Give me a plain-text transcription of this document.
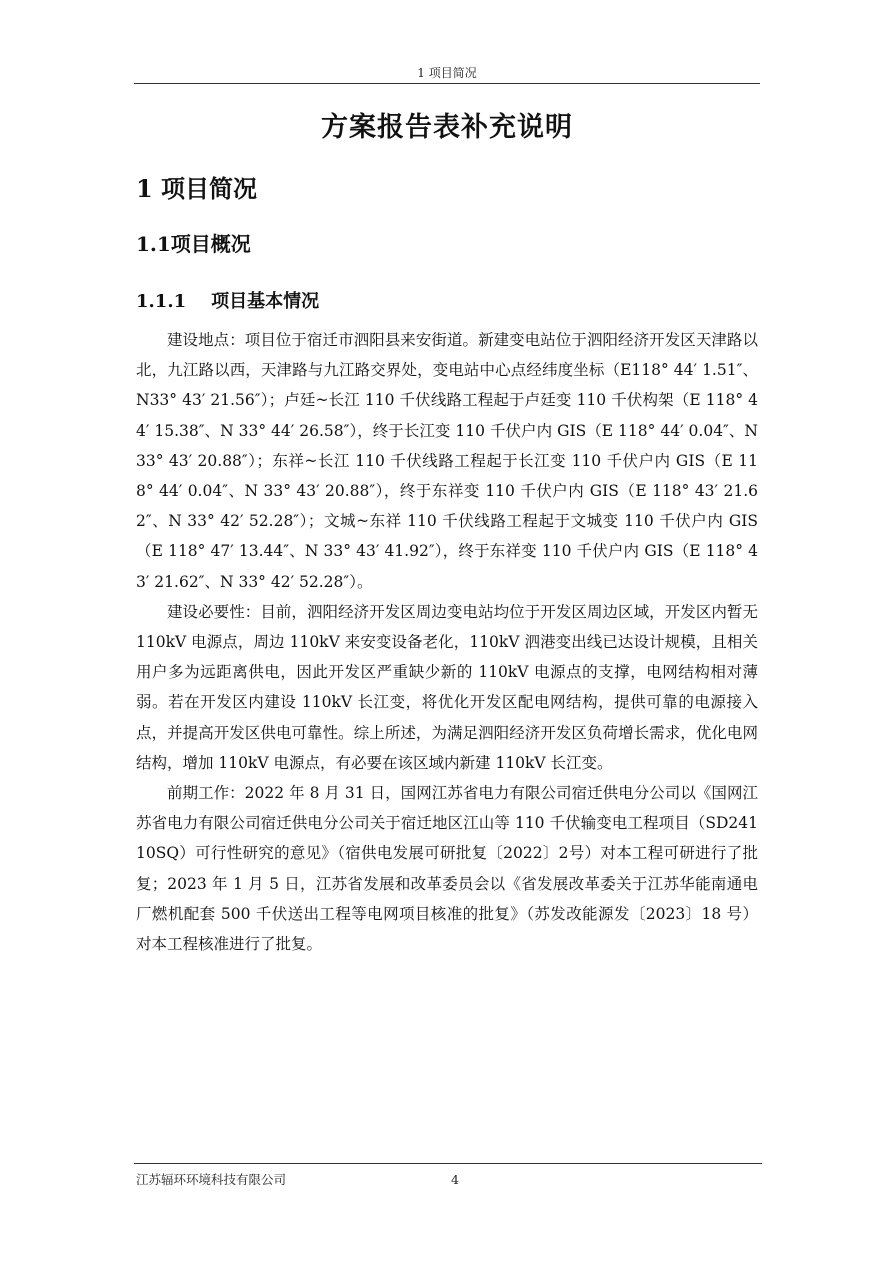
1 项目简况
方案报告表补充说明
1 项目简况
1.1项目概况
1.1.1    项目基本情况

建设地点：项目位于宿迁市泗阳县来安街道。新建变电站位于泗阳经济开发区天津路以北，九江路以西，天津路与九江路交界处，变电站中心点经纬度坐标（E118° 44′ 1.51″、N33° 43′ 21.56″）；卢廷~长江 110 千伏线路工程起于卢廷变 110 千伏构架（E 118° 44′ 15.38″、N 33° 44′ 26.58″），终于长江变 110 千伏户内 GIS（E 118° 44′ 0.04″、N 33° 43′ 20.88″）；东祥~长江 110 千伏线路工程起于长江变 110 千伏户内 GIS（E 118° 44′ 0.04″、N 33° 43′ 20.88″），终于东祥变 110 千伏户内 GIS（E 118° 43′ 21.62″、N 33° 42′ 52.28″）；文城~东祥 110 千伏线路工程起于文城变 110 千伏户内 GIS（E 118° 47′ 13.44″、N 33° 43′ 41.92″），终于东祥变 110 千伏户内 GIS（E 118° 43′ 21.62″、N 33° 42′ 52.28″）。

建设必要性：目前，泗阳经济开发区周边变电站均位于开发区周边区域，开发区内暂无 110kV 电源点，周边 110kV 来安变设备老化，110kV 泗港变出线已达设计规模，且相关用户多为远距离供电，因此开发区严重缺少新的 110kV 电源点的支撑，电网结构相对薄弱。若在开发区内建设 110kV 长江变，将优化开发区配电网结构，提供可靠的电源接入点，并提高开发区供电可靠性。综上所述，为满足泗阳经济开发区负荷增长需求，优化电网结构，增加 110kV 电源点，有必要在该区域内新建 110kV 长江变。

前期工作：2022 年 8 月 31 日，国网江苏省电力有限公司宿迁供电分公司以《国网江苏省电力有限公司宿迁供电分公司关于宿迁地区江山等 110 千伏输变电工程项目（SD24110SQ）可行性研究的意见》（宿供电发展可研批复〔2022〕2号）对本工程可研进行了批复；2023 年 1 月 5 日，江苏省发展和改革委员会以《省发展改革委关于江苏华能南通电厂燃机配套 500 千伏送出工程等电网项目核准的批复》（苏发改能源发〔2023〕18 号）对本工程核准进行了批复。

江苏辐环环境科技有限公司	4
